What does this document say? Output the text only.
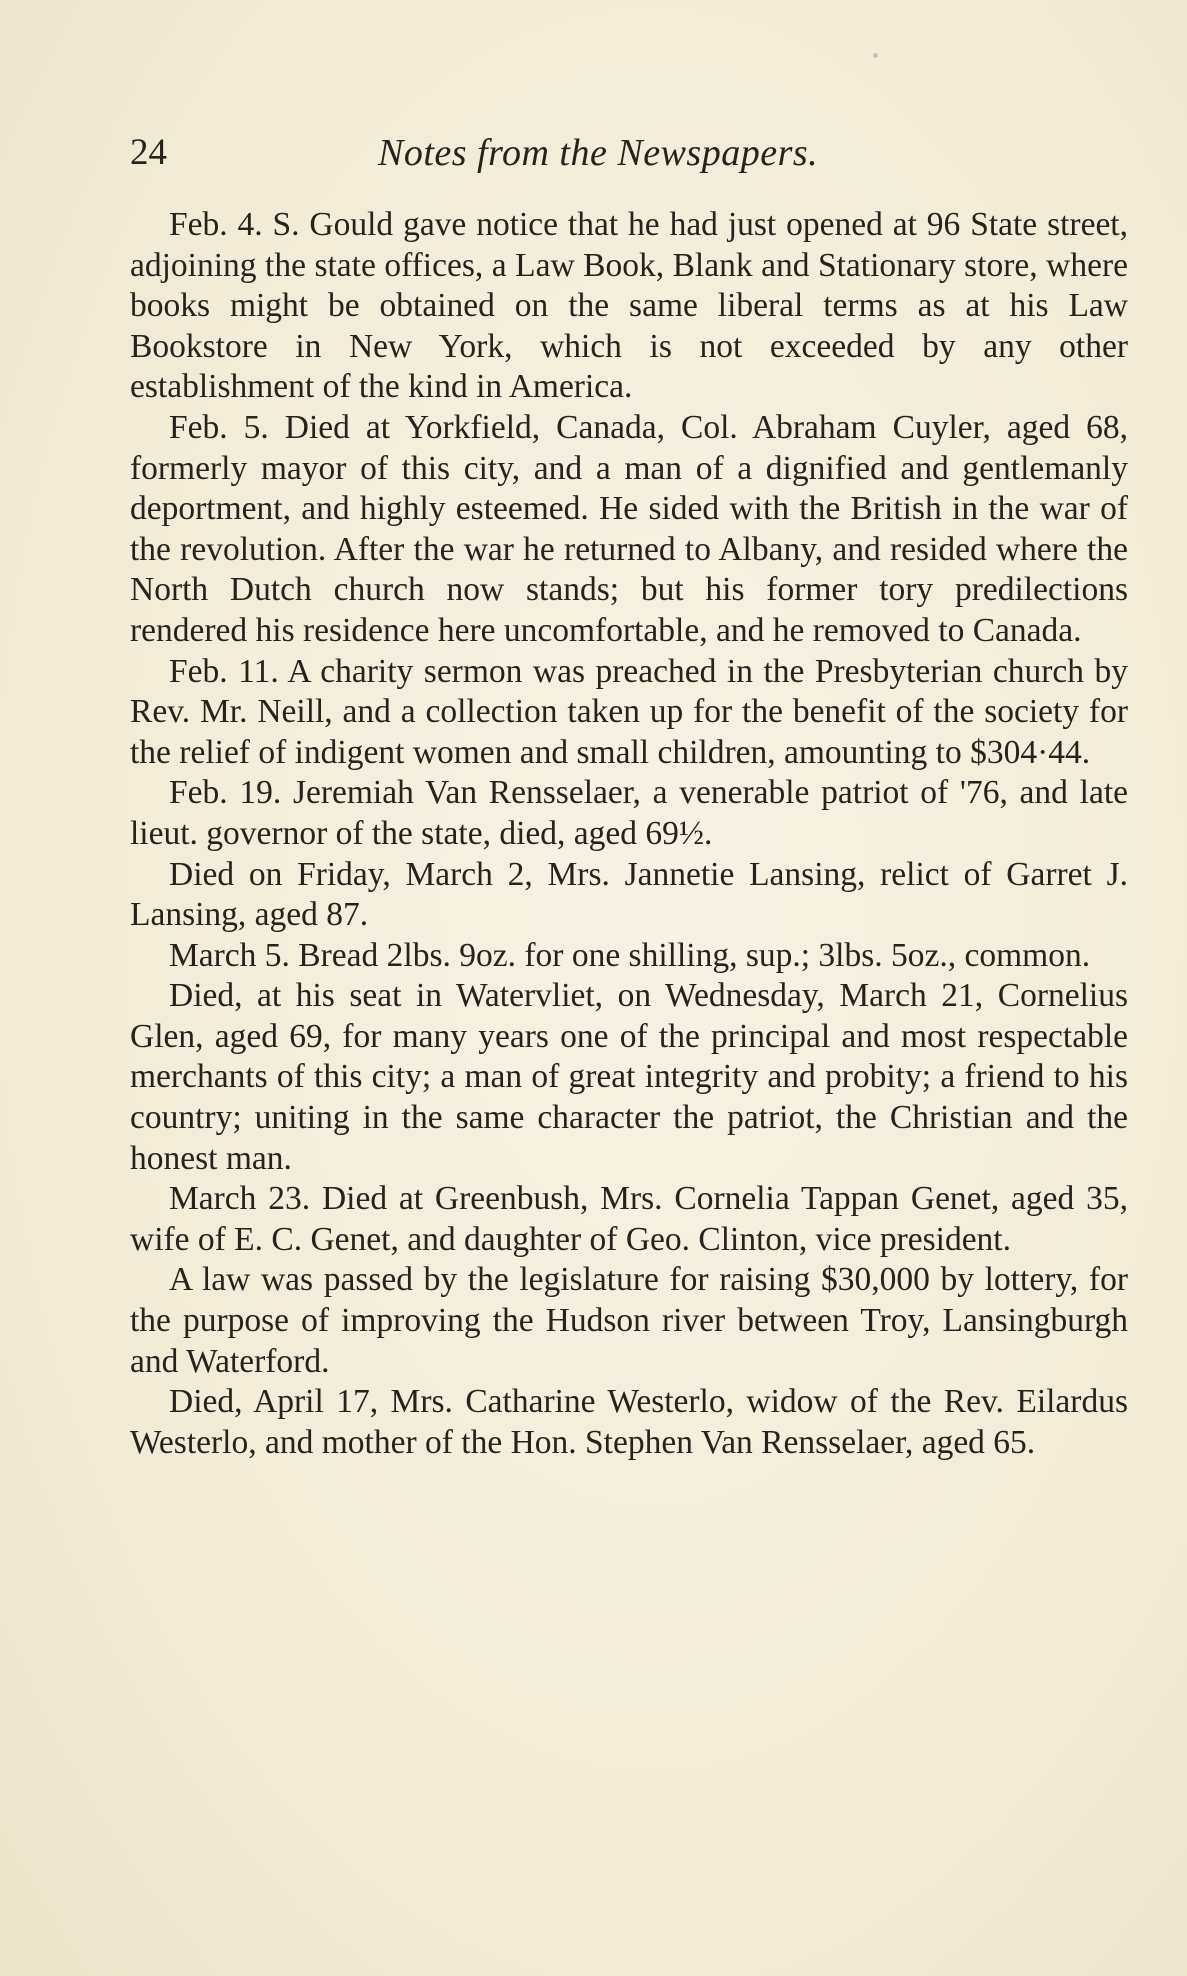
24	Notes from the Newspapers.

Feb. 4. S. Gould gave notice that he had just opened at 96 State street, adjoining the state offices, a Law Book, Blank and Stationary store, where books might be obtained on the same liberal terms as at his Law Bookstore in New York, which is not exceeded by any other establishment of the kind in America.

Feb. 5. Died at Yorkfield, Canada, Col. Abraham Cuyler, aged 68, formerly mayor of this city, and a man of a dignified and gentlemanly deportment, and highly esteemed. He sided with the British in the war of the revolution. After the war he returned to Albany, and resided where the North Dutch church now stands; but his former tory predilections rendered his residence here uncomfortable, and he removed to Canada.

Feb. 11. A charity sermon was preached in the Presbyterian church by Rev. Mr. Neill, and a collection taken up for the benefit of the society for the relief of indigent women and small children, amounting to $304·44.

Feb. 19. Jeremiah Van Rensselaer, a venerable patriot of '76, and late lieut. governor of the state, died, aged 69½.

Died on Friday, March 2, Mrs. Jannetie Lansing, relict of Garret J. Lansing, aged 87.

March 5. Bread 2lbs. 9oz. for one shilling, sup.; 3lbs. 5oz., common.

Died, at his seat in Watervliet, on Wednesday, March 21, Cornelius Glen, aged 69, for many years one of the principal and most respectable merchants of this city; a man of great integrity and probity; a friend to his country; uniting in the same character the patriot, the Christian and the honest man.

March 23. Died at Greenbush, Mrs. Cornelia Tappan Genet, aged 35, wife of E. C. Genet, and daughter of Geo. Clinton, vice president.

A law was passed by the legislature for raising $30,000 by lottery, for the purpose of improving the Hudson river between Troy, Lansingburgh and Waterford.

Died, April 17, Mrs. Catharine Westerlo, widow of the Rev. Eilardus Westerlo, and mother of the Hon. Stephen Van Rensselaer, aged 65.
